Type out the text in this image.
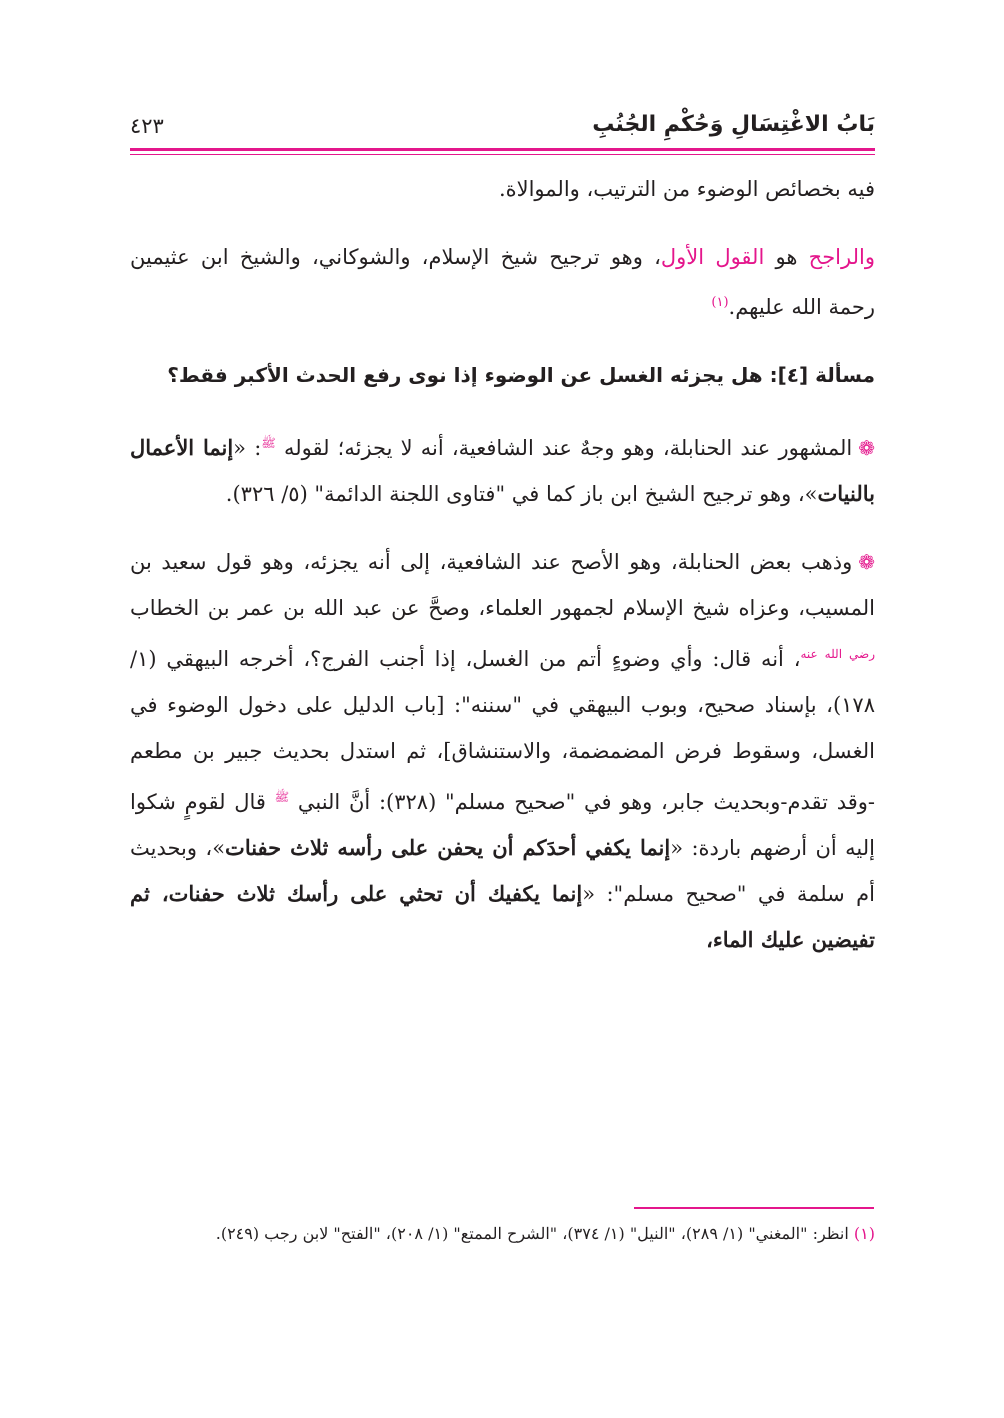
بَابُ الاغْتِسَالِ وَحُكْمِ الجُنُبِ
٤٢٣

فيه بخصائص الوضوء من الترتيب، والموالاة.

والراجح هو القول الأول، وهو ترجيح شيخ الإسلام، والشوكاني، والشيخ ابن عثيمين رحمة الله عليهم.$^{(١)}$

مسألة [٤]: هل يجزئه الغسل عن الوضوء إذا نوى رفع الحدث الأكبر فقط؟

❁المشهور عند الحنابلة، وهو وجهٌ عند الشافعية، أنه لا يجزئه؛ لقوله $^ﷺ$: «إنما الأعمال بالنيات»، وهو ترجيح الشيخ ابن باز كما في "فتاوى اللجنة الدائمة" (٥/ ٣٢٦).

❁وذهب بعض الحنابلة، وهو الأصح عند الشافعية، إلى أنه يجزئه، وهو قول سعيد بن المسيب، وعزاه شيخ الإسلام لجمهور العلماء، وصحَّ عن عبد الله بن عمر بن الخطاب $^{رضي الله عنه}$، أنه قال: وأي وضوءٍ أتم من الغسل، إذا أجنب الفرج؟، أخرجه البيهقي (١/ ١٧٨)، بإسناد صحيح، وبوب البيهقي في "سننه": [باب الدليل على دخول الوضوء في الغسل، وسقوط فرض المضمضمة، والاستنشاق]، ثم استدل بحديث جبير بن مطعم -وقد تقدم-وبحديث جابر، وهو في "صحيح مسلم" (٣٢٨): أنَّ النبي $^ﷺ$ قال لقومٍ شكوا إليه أن أرضهم باردة: «إنما يكفي أحدَكم أن يحفن على رأسه ثلاث حفنات»، وبحديث أم سلمة في "صحيح مسلم": «إنما يكفيك أن تحثي على رأسك ثلاث حفنات، ثم تفيضين عليك الماء،

(١) انظر: "المغني" (١/ ٢٨٩)، "النيل" (١/ ٣٧٤)، "الشرح الممتع" (١/ ٢٠٨)، "الفتح" لابن رجب (٢٤٩).
